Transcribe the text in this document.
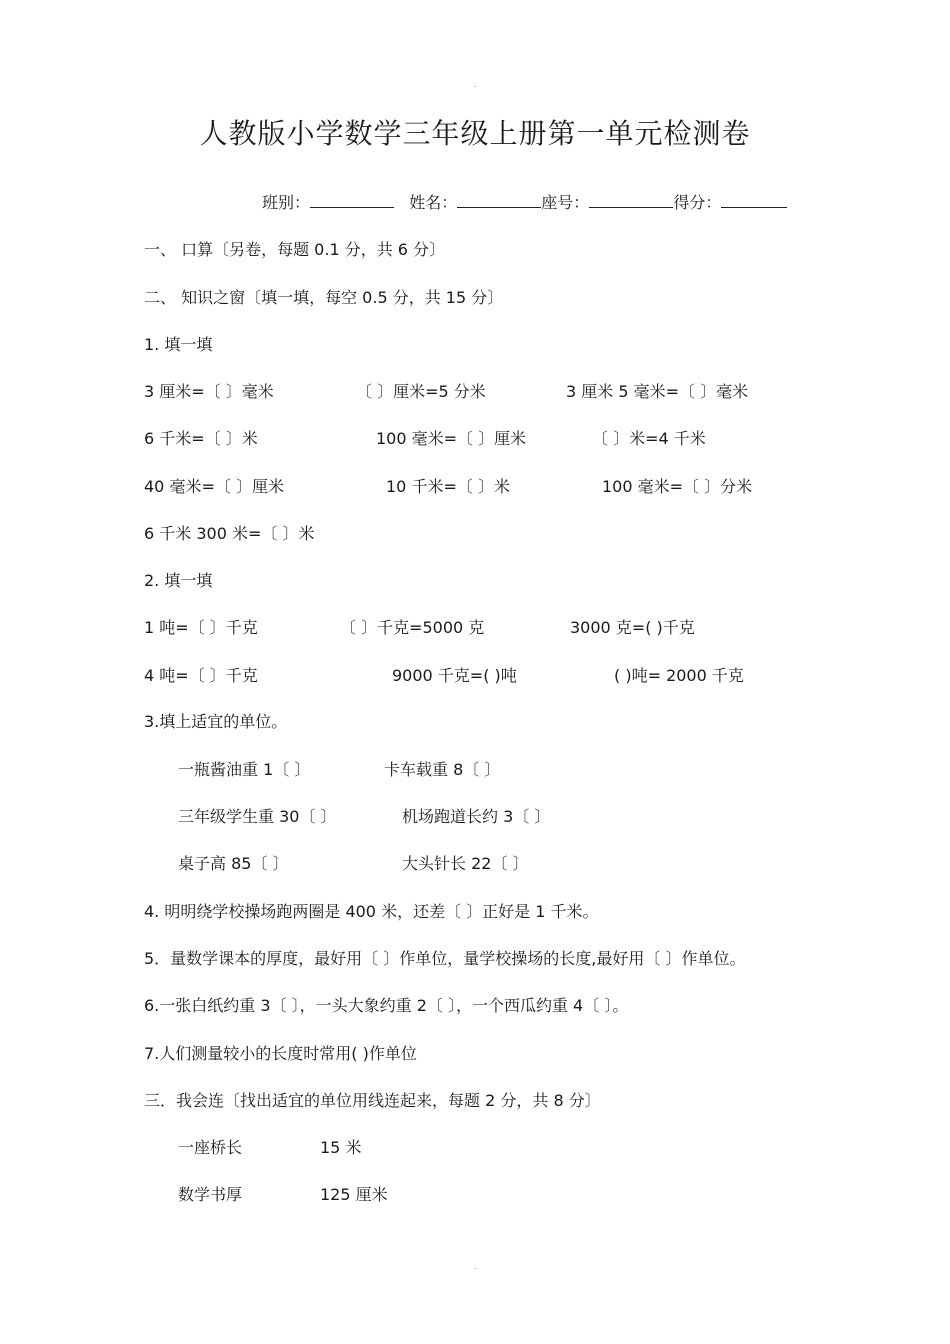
.
人教版小学数学三年级上册第一单元检测卷
班别：	姓名：	座号：	得分：
一、 口算〔另卷，每题 0.1 分，共 6 分〕
二、 知识之窗〔填一填，每空 0.5 分，共 15 分〕
1. 填一填
3 厘米=〔 〕毫米	〔 〕厘米=5 分米	3 厘米 5 毫米=〔 〕毫米
6 千米=〔 〕米	100 毫米=〔 〕厘米	〔 〕米=4 千米
40 毫米=〔 〕厘米	10 千米=〔 〕米	100 毫米=〔 〕分米
6 千米 300 米=〔 〕米
2. 填一填
1 吨=〔 〕千克	〔 〕千克=5000 克	3000 克=( )千克
4 吨=〔 〕千克	9000 千克=( )吨	( )吨= 2000 千克
3.填上适宜的单位。
一瓶酱油重 1〔 〕	卡车载重 8〔 〕
三年级学生重 30〔 〕	机场跑道长约 3〔 〕
桌子高 85〔 〕	大头针长 22〔 〕
4. 明明绕学校操场跑两圈是 400 米，还差〔 〕正好是 1 千米。
5．量数学课本的厚度，最好用〔 〕作单位，量学校操场的长度,最好用〔 〕作单位。
6.一张白纸约重 3〔 〕，一头大象约重 2〔 〕，一个西瓜约重 4〔 〕。
7.人们测量较小的长度时常用( )作单位
三．我会连〔找出适宜的单位用线连起来，每题 2 分，共 8 分〕
一座桥长	15 米
数学书厚	125 厘米
.
